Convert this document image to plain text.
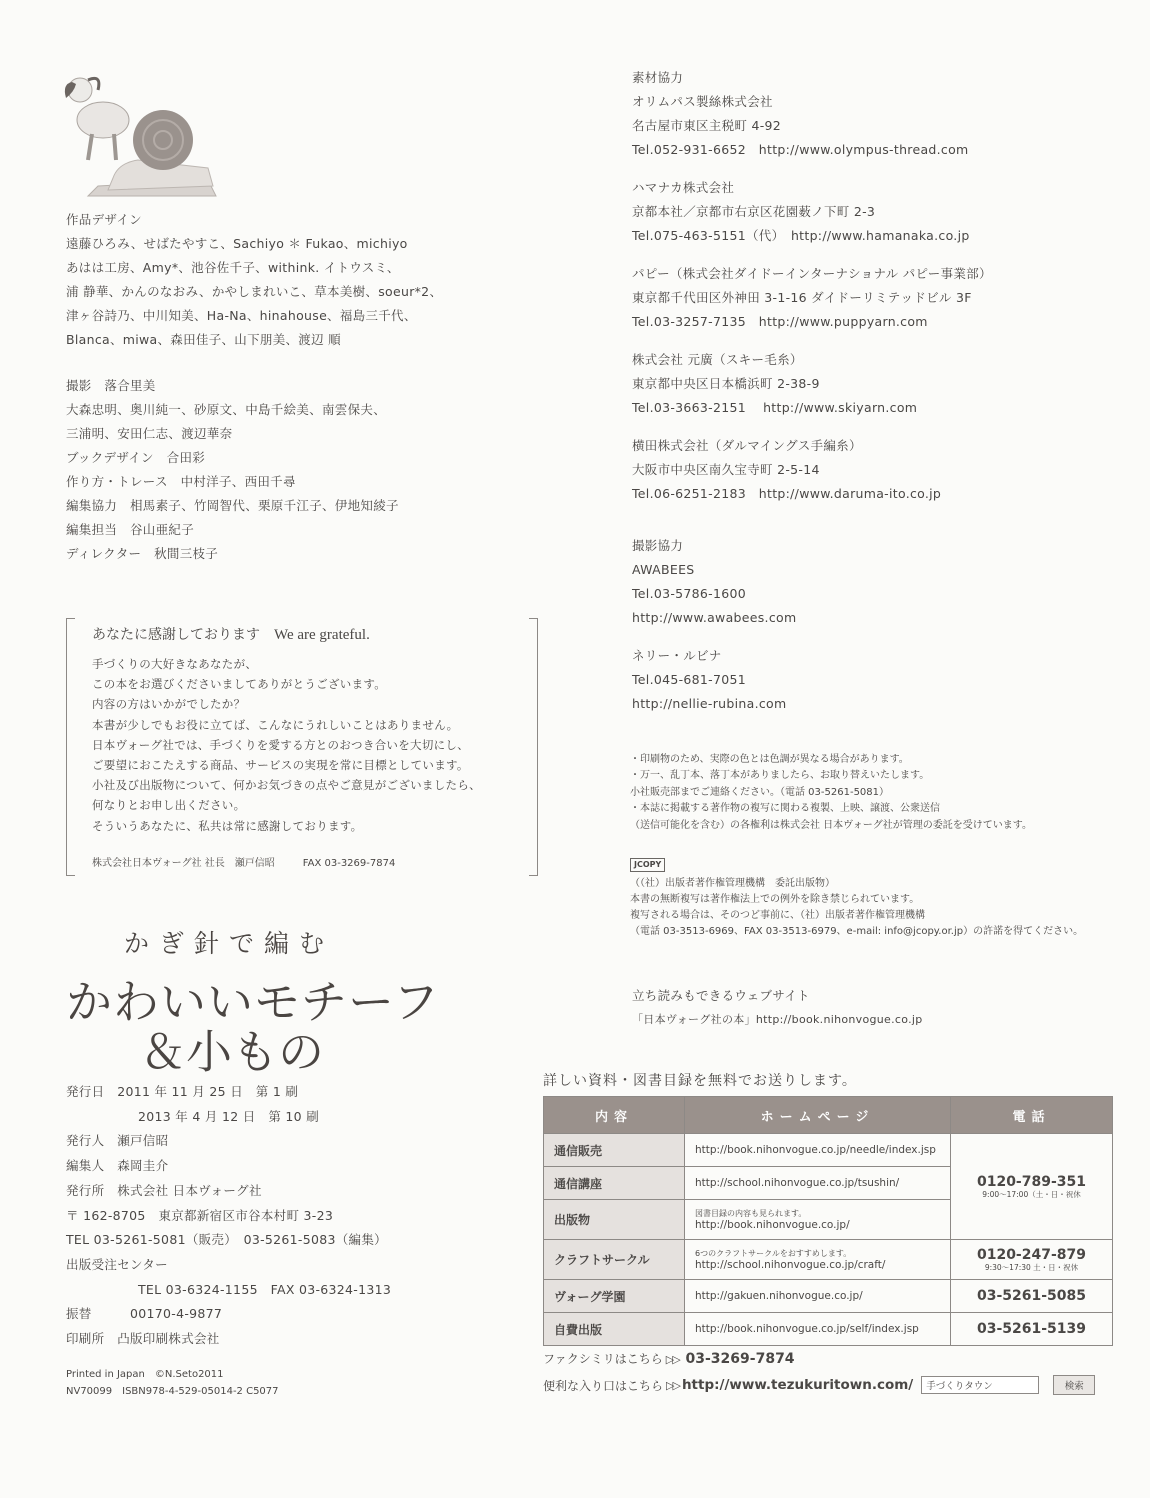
作品デザイン
遠藤ひろみ、せばたやすこ、Sachiyo ＊ Fukao、michiyo
あはは工房、Amy*、池谷佐千子、withink. イトウスミ、
浦 静華、かんのなおみ、かやしまれいこ、草本美樹、soeur*2、
津ヶ谷詩乃、中川知美、Ha-Na、hinahouse、福島三千代、
Blanca、miwa、森田佳子、山下朋美、渡辺 順
撮影　落合里美
大森忠明、奥川純一、砂原文、中島千絵美、南雲保夫、
三浦明、安田仁志、渡辺華奈
ブックデザイン　合田彩
作り方・トレース　中村洋子、西田千尋
編集協力　相馬素子、竹岡智代、栗原千江子、伊地知綾子
編集担当　谷山亜紀子
ディレクター　秋間三枝子
あなたに感謝しております We are grateful.
手づくりの大好きなあなたが、
この本をお選びくださいましてありがとうございます。
内容の方はいかがでしたか？
本書が少しでもお役に立てば、こんなにうれしいことはありません。
日本ヴォーグ社では、手づくりを愛する方とのおつき合いを大切にし、
ご要望におこたえする商品、サービスの実現を常に目標としています。
小社及び出版物について、何かお気づきの点やご意見がございましたら、
何なりとお申し出ください。
そういうあなたに、私共は常に感謝しております。
株式会社日本ヴォーグ社 社長　瀬戸信昭	FAX 03-3269-7874
かぎ針で編む
かわいいモチーフ
＆小もの
発行日　2011 年 11 月 25 日　第 1 刷
2013 年 4 月 12 日　第 10 刷
発行人　瀬戸信昭
編集人　森岡圭介
発行所　株式会社 日本ヴォーグ社
〒 162-8705　東京都新宿区市谷本村町 3-23
TEL 03-5261-5081（販売）　03-5261-5083（編集）
出版受注センター
TEL 03-6324-1155　FAX 03-6324-1313
振替　　　00170-4-9877
印刷所　凸版印刷株式会社
Printed in Japan　©N.Seto2011
NV70099　ISBN978-4-529-05014-2 C5077
素材協力
オリムパス製絲株式会社
名古屋市東区主税町 4-92
Tel.052-931-6652　http://www.olympus-thread.com
ハマナカ株式会社
京都本社／京都市右京区花園薮ノ下町 2-3
Tel.075-463-5151（代）　http://www.hamanaka.co.jp
パピー（株式会社ダイドーインターナショナル パピー事業部）
東京都千代田区外神田 3-1-16 ダイドーリミテッドビル 3F
Tel.03-3257-7135　http://www.puppyarn.com
株式会社 元廣（スキー毛糸）
東京都中央区日本橋浜町 2-38-9
Tel.03-3663-2151　 http://www.skiyarn.com
横田株式会社（ダルマイングス手編糸）
大阪市中央区南久宝寺町 2-5-14
Tel.06-6251-2183　http://www.daruma-ito.co.jp
撮影協力
AWABEES
Tel.03-5786-1600
http://www.awabees.com
ネリー・ルビナ
Tel.045-681-7051
http://nellie-rubina.com
・印刷物のため、実際の色とは色調が異なる場合があります。
・万一、乱丁本、落丁本がありましたら、お取り替えいたします。
小社販売部までご連絡ください。（電話 03-5261-5081）
・本誌に掲載する著作物の複写に関わる複製、上映、譲渡、公衆送信
（送信可能化を含む）の各権利は株式会社 日本ヴォーグ社が管理の委託を受けています。
JCOPY
（（社）出版者著作権管理機構　委託出版物）
本書の無断複写は著作権法上での例外を除き禁じられています。
複写される場合は、そのつど事前に、（社）出版者著作権管理機構
（電話 03-3513-6969、FAX 03-3513-6979、e-mail: info@jcopy.or.jp）の許諾を得てください。
立ち読みもできるウェブサイト
「日本ヴォーグ社の本」http://book.nihonvogue.co.jp
詳しい資料・図書目録を無料でお送りします。
内容	ホームページ	電話
通信販売	http://book.nihonvogue.co.jp/needle/index.jsp	0120-789-351
9:00〜17:00（土・日・祝休

通信講座	http://school.nihonvogue.co.jp/tsushin/	
出版物	図書目録の内容も見られます。
http://book.nihonvogue.co.jp/	
クラフトサークル	6つのクラフトサークルをおすすめします。
http://school.nihonvogue.co.jp/craft/	0120-247-879
9:30〜17:30 土・日・祝休

ヴォーグ学園	http://gakuen.nihonvogue.co.jp/	03-5261-5085
自費出版	http://book.nihonvogue.co.jp/self/index.jsp	03-5261-5139
ファクシミリはこちら ▷▷ 03-3269-7874
便利な入り口はこちら ▷▷ http://www.tezukuritown.com/
手づくりタウン	検索
